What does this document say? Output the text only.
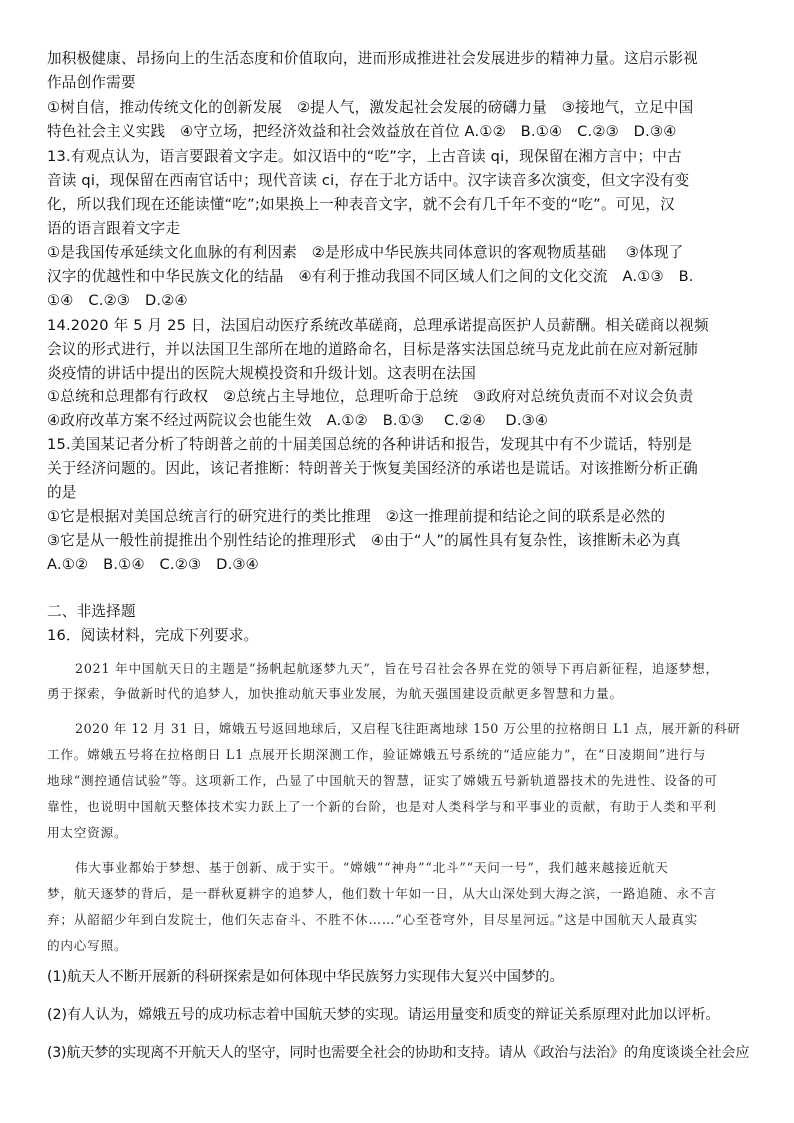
加积极健康、昂扬向上的生活态度和价值取向，进而形成推进社会发展进步的精神力量。这启示影视
作品创作需要
①树自信，推动传统文化的创新发展　②提人气，激发起社会发展的磅礴力量　③接地气，立足中国
特色社会主义实践　④守立场，把经济效益和社会效益放在首位 A.①②　B.①④　C.②③　D.③④
13.有观点认为，语言要跟着文字走。如汉语中的“吃”字，上古音读 qi，现保留在湘方言中；中古
音读 qi，现保留在西南官话中；现代音读 ci，存在于北方话中。汉字读音多次演变，但文字没有变
化，所以我们现在还能读懂“吃”;如果换上一种表音文字，就不会有几千年不变的“吃”。可见，汉
语的语言跟着文字走
①是我国传承延续文化血脉的有利因素　②是形成中华民族共同体意识的客观物质基础　 ③体现了
汉字的优越性和中华民族文化的结晶　④有利于推动我国不同区域人们之间的文化交流　A.①③　B.
①④　C.②③　D.②④
14.2020 年 5 月 25 日，法国启动医疗系统改革磋商，总理承诺提高医护人员薪酬。相关磋商以视频
会议的形式进行，并以法国卫生部所在地的道路命名，目标是落实法国总统马克龙此前在应对新冠肺
炎疫情的讲话中提出的医院大规模投资和升级计划。这表明在法国
①总统和总理都有行政权　②总统占主导地位，总理听命于总统　③政府对总统负责而不对议会负责
④政府改革方案不经过两院议会也能生效　A.①②　B.①③　 C.②④　 D.③④
15.美国某记者分析了特朗普之前的十届美国总统的各种讲话和报告，发现其中有不少谎话，特别是
关于经济问题的。因此，该记者推断：特朗普关于恢复美国经济的承诺也是谎话。对该推断分析正确
的是
①它是根据对美国总统言行的研究进行的类比推理　②这一推理前提和结论之间的联系是必然的
③它是从一般性前提推出个别性结论的推理形式　④由于“人”的属性具有复杂性，该推断未必为真
A.①②　B.①④　C.②③　D.③④
二、非选择题
16．阅读材料，完成下列要求。
2021 年中国航天日的主题是“扬帆起航逐梦九天”，旨在号召社会各界在党的领导下再启新征程，追逐梦想，
勇于探索，争做新时代的追梦人，加快推动航天事业发展，为航天强国建设贡献更多智慧和力量。
2020 年 12 月 31 日，嫦娥五号返回地球后，又启程飞往距离地球 150 万公里的拉格朗日 L1 点，展开新的科研
工作。嫦娥五号将在拉格朗日 L1 点展开长期深测工作，验证嫦娥五号系统的“适应能力”，在“日凌期间”进行与
地球“测控通信试验”等。这项新工作，凸显了中国航天的智慧，证实了嫦娥五号新轨道器技术的先进性、设备的可
靠性，也说明中国航天整体技术实力跃上了一个新的台阶，也是对人类科学与和平事业的贡献，有助于人类和平利
用太空资源。
伟大事业都始于梦想、基于创新、成于实干。“嫦娥”“神舟”“北斗”“天问一号”，我们越来越接近航天
梦，航天逐梦的背后，是一群秋夏耕字的追梦人，他们数十年如一日，从大山深处到大海之滨，一路追随、永不言
弃；从韶韶少年到白发院士，他们矢志奋斗、不胜不休……“心至苍穹外，目尽星河远。”这是中国航天人最真实
的内心写照。
(1)航天人不断开展新的科研探索是如何体现中华民族努力实现伟大复兴中国梦的。
(2)有人认为，嫦娥五号的成功标志着中国航天梦的实现。请运用量变和质变的辩证关系原理对此加以评析。
(3)航天梦的实现离不开航天人的坚守，同时也需要全社会的协助和支持。请从《政治与法治》的角度谈谈全社会应
